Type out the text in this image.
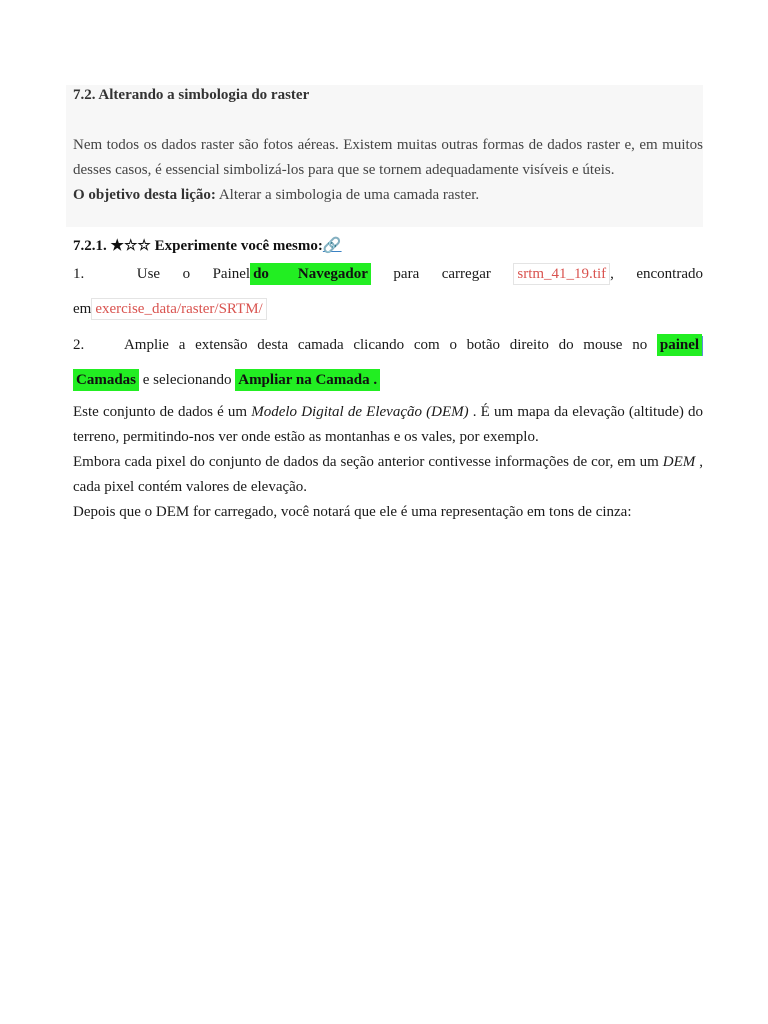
7.2. Alterando a simbologia do raster

Nem todos os dados raster são fotos aéreas. Existem muitas outras formas de dados raster e, em muitos desses casos, é essencial simbolizá-los para que se tornem adequadamente visíveis e úteis.

O objetivo desta lição: Alterar a simbologia de uma camada raster.

7.2.1. ★☆☆ Experimente você mesmo:🔗
1.	Use o Painel do Navegador para carregar srtm_41_19.tif , encontrado
em exercise_data/raster/SRTM/
2.	Amplie a extensão desta camada clicando com o botão direito do mouse no painel
Camadas e selecionando Ampliar na Camada .

Este conjunto de dados é um Modelo Digital de Elevação (DEM) . É um mapa da elevação (altitude) do terreno, permitindo-nos ver onde estão as montanhas e os vales, por exemplo.

Embora cada pixel do conjunto de dados da seção anterior contivesse informações de cor, em um DEM , cada pixel contém valores de elevação.

Depois que o DEM for carregado, você notará que ele é uma representação em tons de cinza:
